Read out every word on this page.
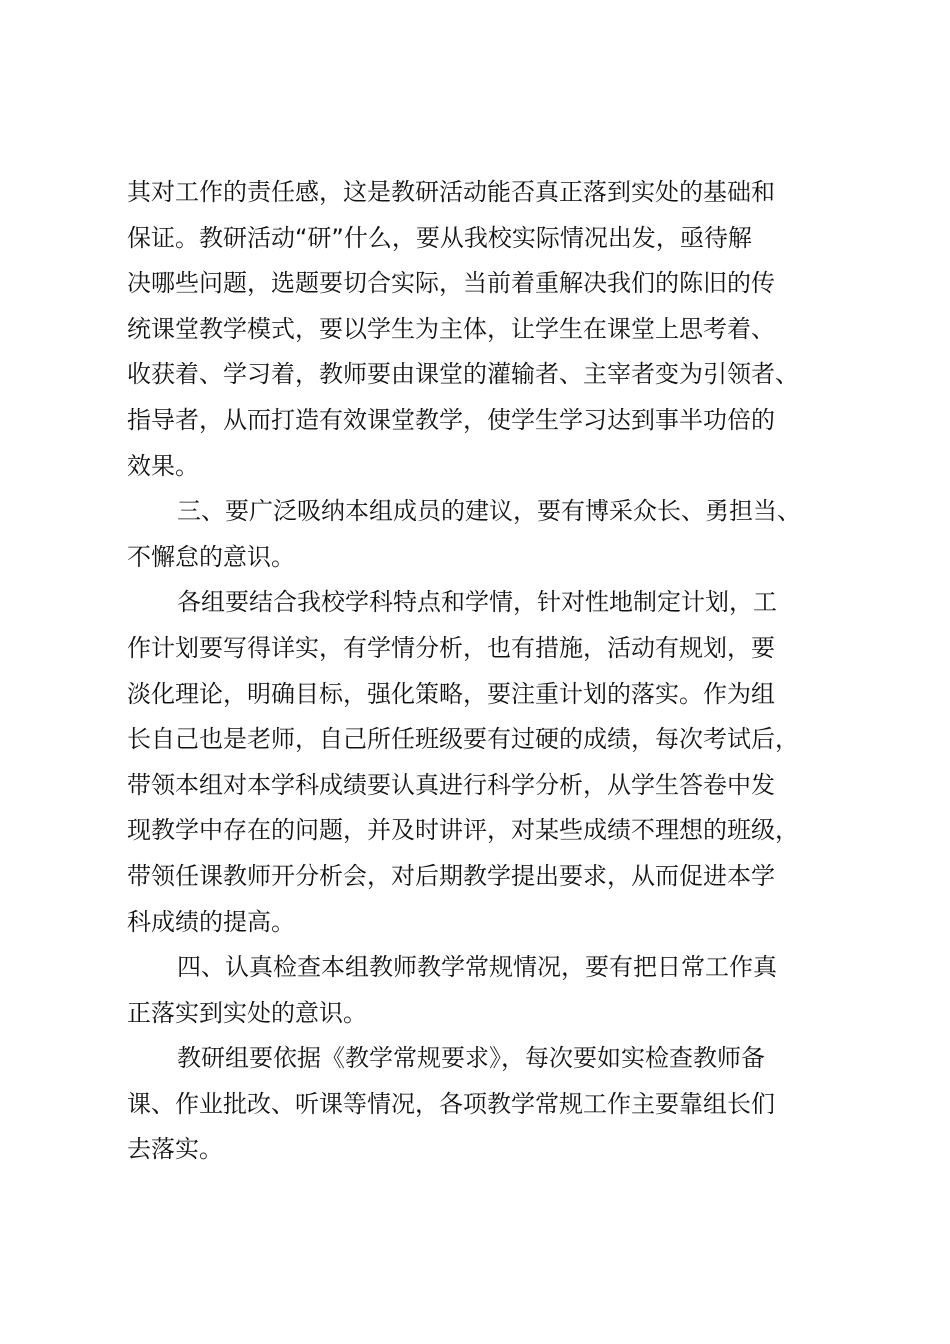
其对工作的责任感，这是教研活动能否真正落到实处的基础和
保证。教研活动“研”什么，要从我校实际情况出发，亟待解
决哪些问题，选题要切合实际，当前着重解决我们的陈旧的传
统课堂教学模式，要以学生为主体，让学生在课堂上思考着、
收获着、学习着，教师要由课堂的灌输者、主宰者变为引领者、
指导者，从而打造有效课堂教学，使学生学习达到事半功倍的
效果。
三、要广泛吸纳本组成员的建议，要有博采众长、勇担当、
不懈怠的意识。
各组要结合我校学科特点和学情，针对性地制定计划，工
作计划要写得详实，有学情分析，也有措施，活动有规划，要
淡化理论，明确目标，强化策略，要注重计划的落实。作为组
长自己也是老师，自己所任班级要有过硬的成绩，每次考试后，
带领本组对本学科成绩要认真进行科学分析，从学生答卷中发
现教学中存在的问题，并及时讲评，对某些成绩不理想的班级，
带领任课教师开分析会，对后期教学提出要求，从而促进本学
科成绩的提高。
四、认真检查本组教师教学常规情况，要有把日常工作真
正落实到实处的意识。
教研组要依据《教学常规要求》，每次要如实检查教师备
课、作业批改、听课等情况，各项教学常规工作主要靠组长们
去落实。
